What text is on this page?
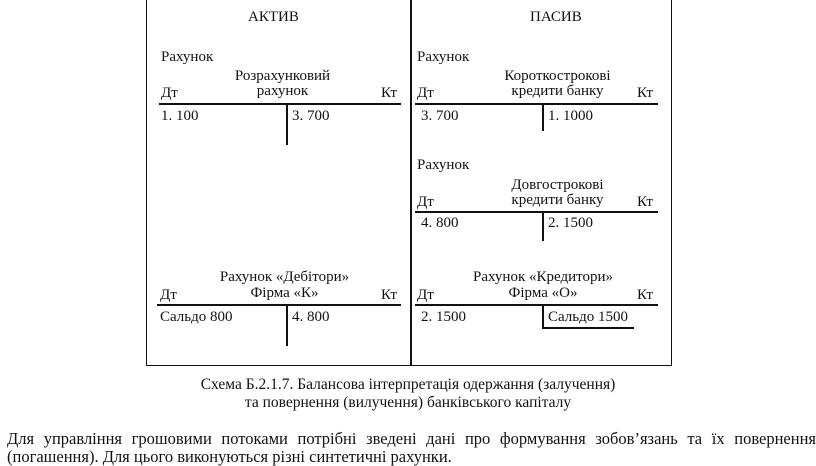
АКТИВ	ПАСИВ
Рахунок
Розрахунковий
Дт	рахунок	Кт
1. 100	3. 700
Рахунок
Короткострокові
Дт	кредити банку	Кт
3. 700	1. 1000
Рахунок
Довгострокові
Дт	кредити банку	Кт
4. 800	2. 1500
Рахунок «Дебітори»
Дт	Фірма «К»	Кт
Сальдо 800	4. 800
Рахунок «Кредитори»
Дт	Фірма «О»	Кт
2. 1500	Сальдо 1500
Схема Б.2.1.7. Балансова інтерпретація одержання (залучення)
та повернення (вилучення) банківського капіталу
Для управління грошовими потоками потрібні зведені дані про формування зобов’язань та їх повернення (погашення). Для цього виконуються різні синтетичні рахунки.
